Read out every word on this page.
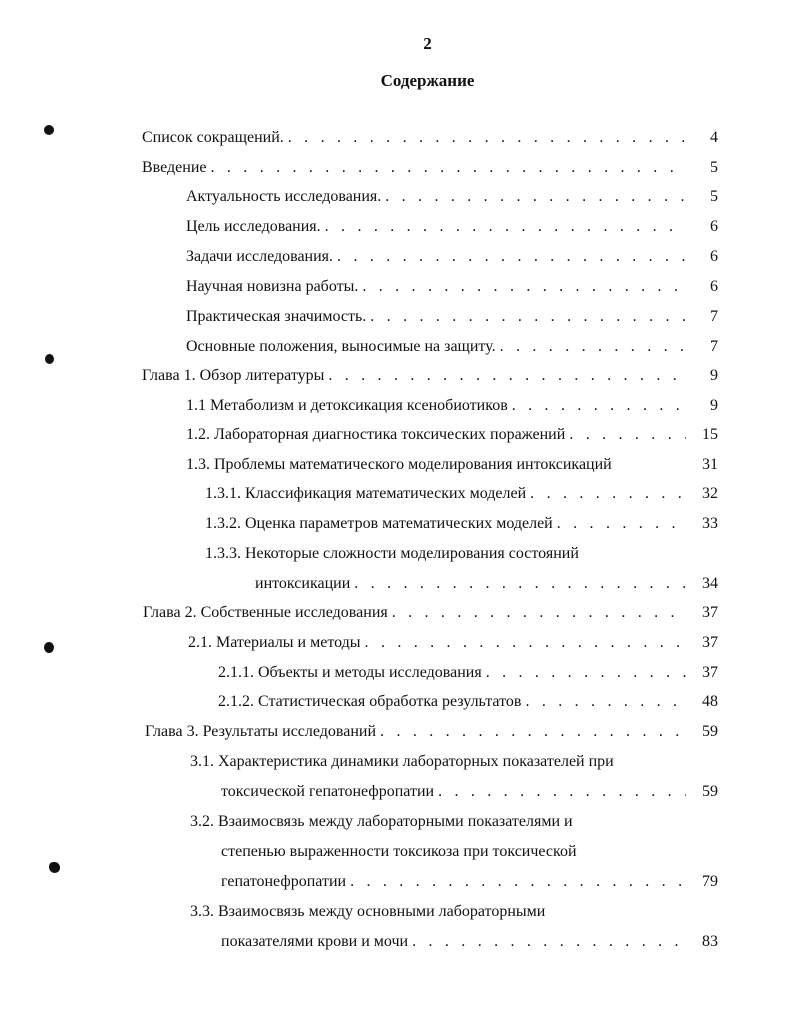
2
Содержание
Список сокращений. . . .	4
Введение . . .	5
Актуальность исследования. . . .	5
Цель исследования. . . .	6
Задачи исследования. . . .	6
Научная новизна работы. . . .	6
Практическая значимость. . . .	7
Основные положения, выносимые на защиту. . . .	7
Глава 1. Обзор литературы . . .	9
1.1 Метаболизм и детоксикация ксенобиотиков . . .	9
1.2. Лабораторная диагностика токсических поражений . . .	15
1.3. Проблемы математического моделирования интоксикаций	31
1.3.1. Классификация математических моделей . . .	32
1.3.2. Оценка параметров математических моделей . . .	33
1.3.3. Некоторые сложности моделирования состояний
интоксикации . . .	34
Глава 2. Собственные исследования . . .	37
2.1. Материалы и методы . . .	37
2.1.1. Объекты и методы исследования . . .	37
2.1.2. Статистическая обработка результатов . . .	48
Глава 3. Результаты исследований . . .	59
3.1. Характеристика динамики лабораторных показателей при
токсической гепатонефропатии . . .	59
3.2. Взаимосвязь между лабораторными показателями и
степенью выраженности токсикоза при токсической
гепатонефропатии . . .	79
3.3. Взаимосвязь между основными лабораторными
показателями крови и мочи . . .	83
